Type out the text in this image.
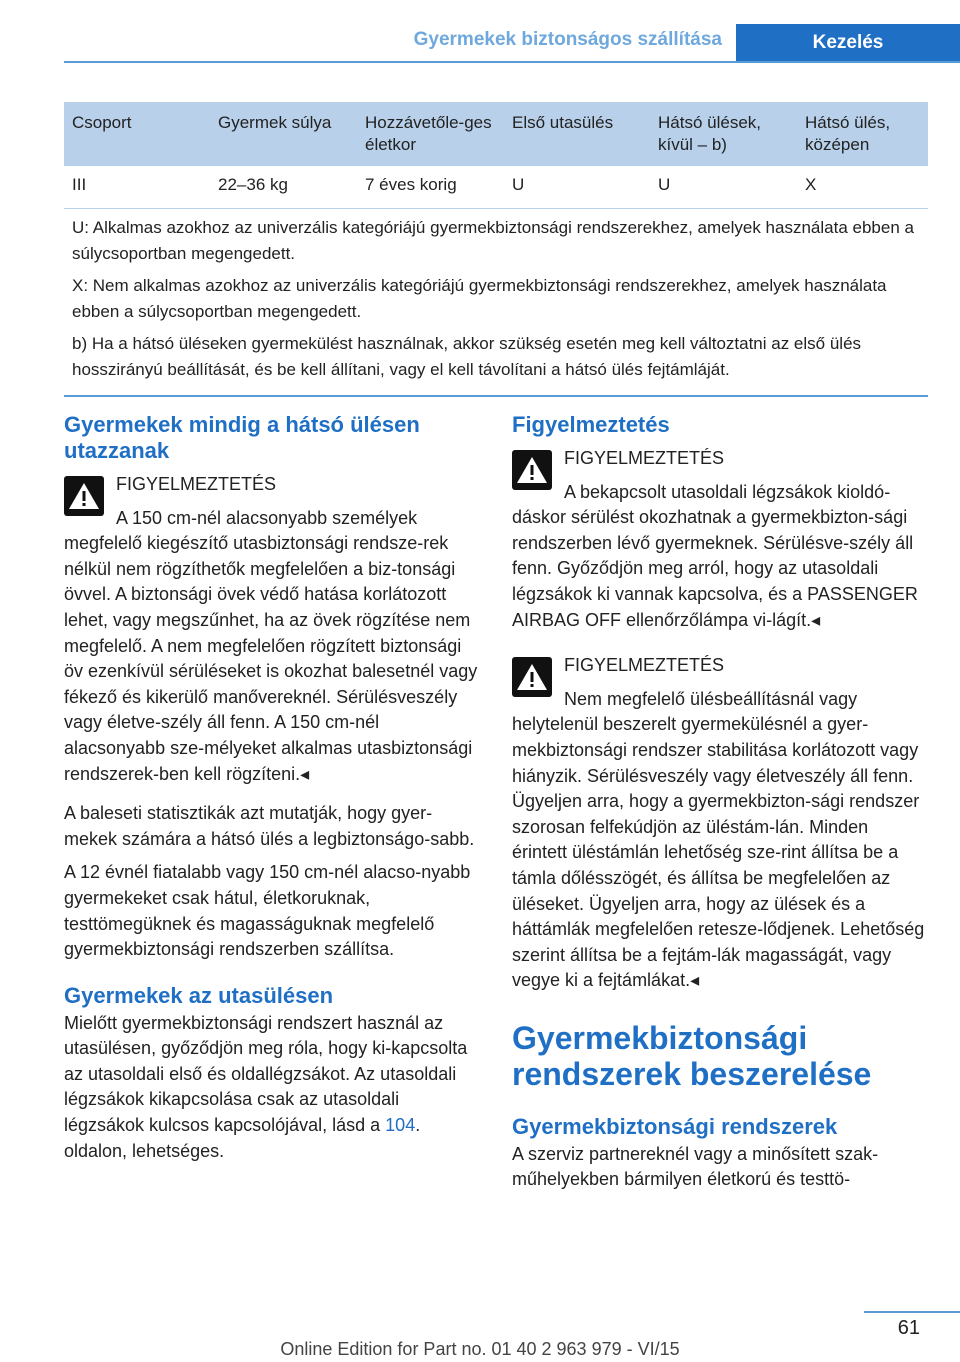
Gyermekek biztonságos szállítása	Kezelés
Csoport	Gyermek súlya	Hozzávetőle-ges életkor	Első utasülés	Hátsó ülések, kívül – b)	Hátsó ülés, középen
III	22–36 kg	7 éves korig	U	U	X
U: Alkalmas azokhoz az univerzális kategóriájú gyermekbiztonsági rendszerekhez, amelyek használata ebben a súlycsoportban megengedett.					
X: Nem alkalmas azokhoz az univerzális kategóriájú gyermekbiztonsági rendszerekhez, amelyek használata ebben a súlycsoportban megengedett.					
b) Ha a hátsó üléseken gyermekülést használnak, akkor szükség esetén meg kell változtatni az első ülés hosszirányú beállítását, és be kell állítani, vagy el kell távolítani a hátsó ülés fejtámláját.					
Gyermekek mindig a hátsó ülésen utazzanak

FIGYELMEZTETÉS

A 150 cm-nél alacsonyabb személyek megfelelő kiegészítő utasbiztonsági rendsze-rek nélkül nem rögzíthetők megfelelően a biz-tonsági övvel. A biztonsági övek védő hatása korlátozott lehet, vagy megszűnhet, ha az övek rögzítése nem megfelelő. A nem megfelelően rögzített biztonsági öv ezenkívül sérüléseket is okozhat balesetnél vagy fékező és kikerülő manővereknél. Sérülésveszély vagy életve-szély áll fenn. A 150 cm-nél alacsonyabb sze-mélyeket alkalmas utasbiztonsági rendszerek-ben kell rögzíteni.◂

A baleseti statisztikák azt mutatják, hogy gyer-mekek számára a hátsó ülés a legbiztonságo-sabb.

A 12 évnél fiatalabb vagy 150 cm-nél alacso-nyabb gyermekeket csak hátul, életkoruknak, testtömegüknek és magasságuknak megfelelő gyermekbiztonsági rendszerben szállítsa.

Gyermekek az utasülésen

Mielőtt gyermekbiztonsági rendszert használ az utasülésen, győződjön meg róla, hogy ki-kapcsolta az utasoldali első és oldallégzsákot. Az utasoldali légzsákok kikapcsolása csak az utasoldali légzsákok kulcsos kapcsolójával, lásd a 104. oldalon, lehetséges.

Figyelmeztetés

FIGYELMEZTETÉS

A bekapcsolt utasoldali légzsákok kioldó-dáskor sérülést okozhatnak a gyermekbizton-sági rendszerben lévő gyermeknek. Sérülésve-szély áll fenn. Győződjön meg arról, hogy az utasoldali légzsákok ki vannak kapcsolva, és a PASSENGER AIRBAG OFF ellenőrzőlámpa vi-lágít.◂

FIGYELMEZTETÉS

Nem megfelelő ülésbeállításnál vagy helytelenül beszerelt gyermekülésnél a gyer-mekbiztonsági rendszer stabilitása korlátozott vagy hiányzik. Sérülésveszély vagy életveszély áll fenn. Ügyeljen arra, hogy a gyermekbizton-sági rendszer szorosan felfekúdjön az üléstám-lán. Minden érintett üléstámlán lehetőség sze-rint állítsa be a támla dőlésszögét, és állítsa be megfelelően az üléseket. Ügyeljen arra, hogy az ülések és a háttámlák megfelelően retesze-lődjenek. Lehetőség szerint állítsa be a fejtám-lák magasságát, vagy vegye ki a fejtámlákat.◂

Gyermekbiztonsági rendszerek beszerelése
Gyermekbiztonsági rendszerek

A szerviz partnereknél vagy a minősített szak-műhelyekben bármilyen életkorú és testtö-

61
Online Edition for Part no. 01 40 2 963 979 - VI/15
